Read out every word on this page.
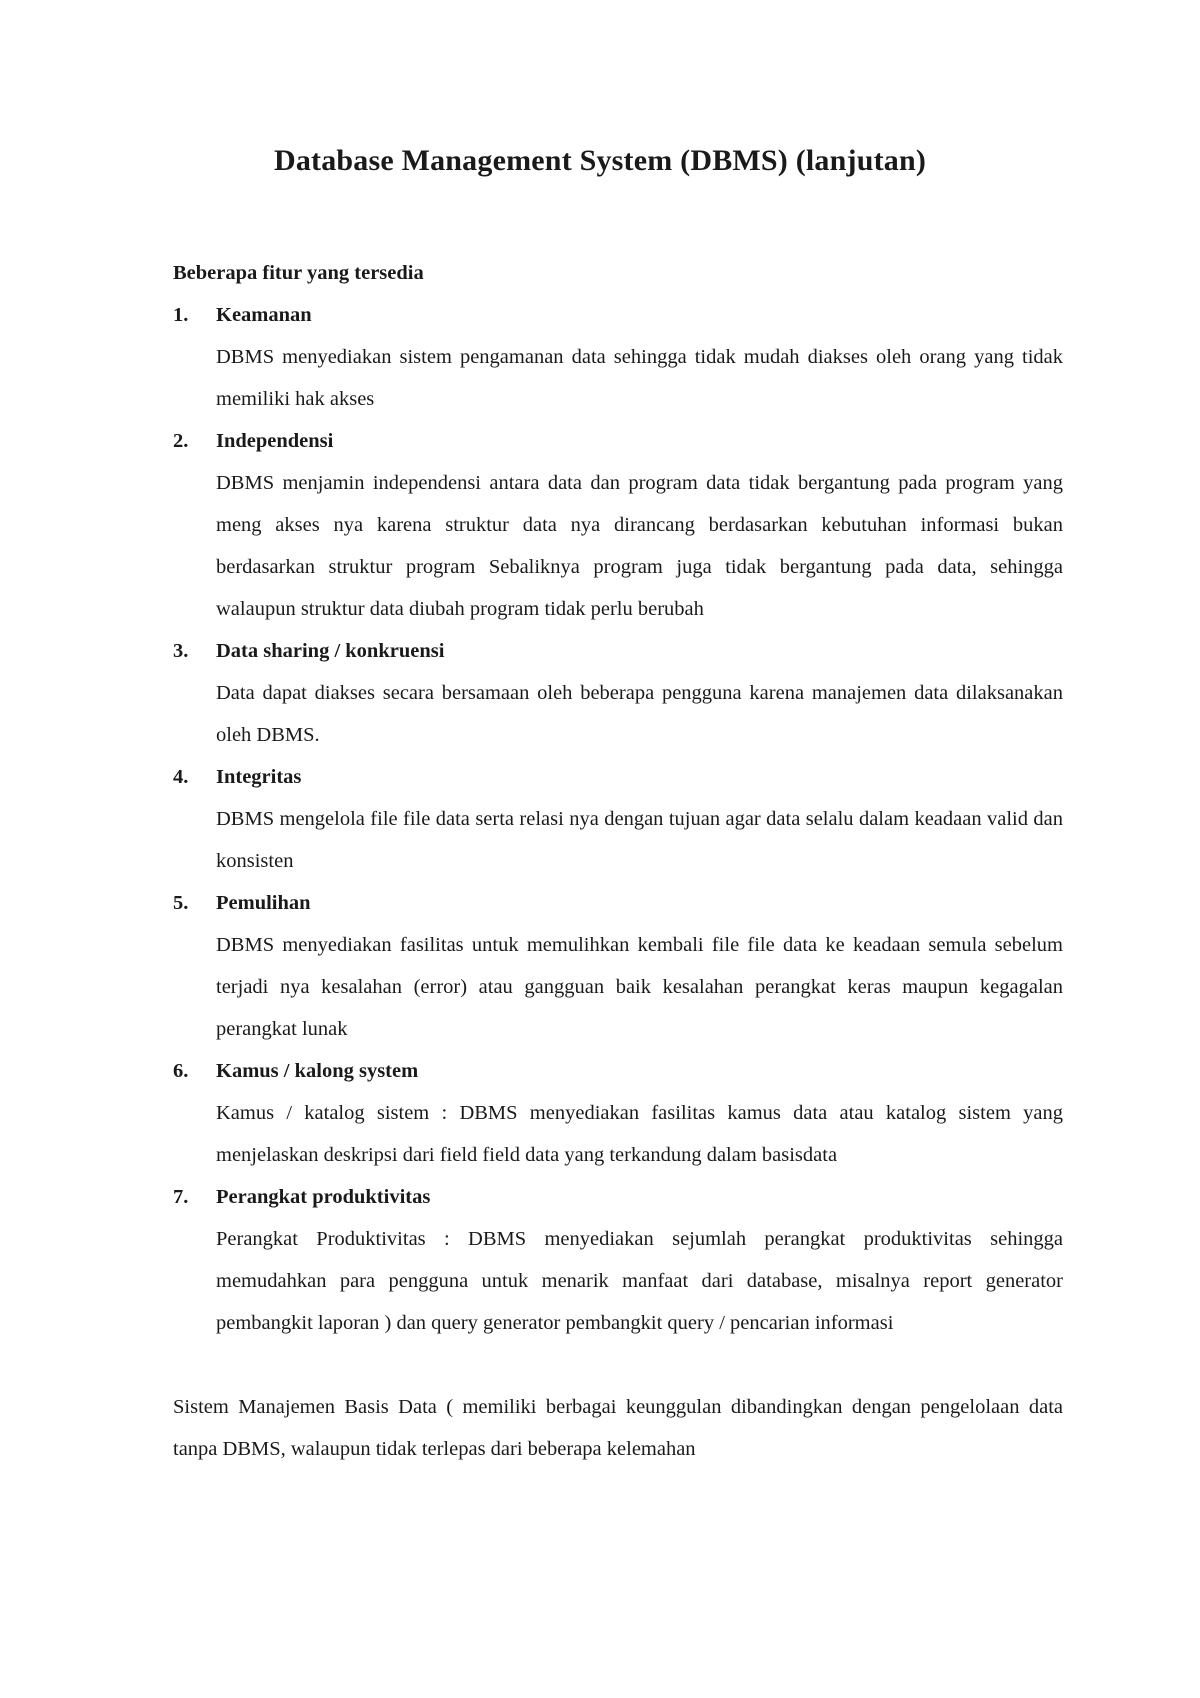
Database Management System (DBMS) (lanjutan)

Beberapa fitur yang tersedia

1. Keamanan
DBMS menyediakan sistem pengamanan data sehingga tidak mudah diakses oleh orang yang tidak memiliki hak akses
2. Independensi
DBMS menjamin independensi antara data dan program data tidak bergantung pada program yang meng akses nya karena struktur data nya dirancang berdasarkan kebutuhan informasi bukan berdasarkan struktur program Sebaliknya program juga tidak bergantung pada data, sehingga walaupun struktur data diubah program tidak perlu berubah
3. Data sharing / konkruensi
Data dapat diakses secara bersamaan oleh beberapa pengguna karena manajemen data dilaksanakan oleh DBMS.
4. Integritas
DBMS mengelola file file data serta relasi nya dengan tujuan agar data selalu dalam keadaan valid dan konsisten
5. Pemulihan
DBMS menyediakan fasilitas untuk memulihkan kembali file file data ke keadaan semula sebelum terjadi nya kesalahan (error) atau gangguan baik kesalahan perangkat keras maupun kegagalan perangkat lunak
6. Kamus / kalong system
Kamus / katalog sistem : DBMS menyediakan fasilitas kamus data atau katalog sistem yang menjelaskan deskripsi dari field field data yang terkandung dalam basisdata
7. Perangkat produktivitas
Perangkat Produktivitas : DBMS menyediakan sejumlah perangkat produktivitas sehingga memudahkan para pengguna untuk menarik manfaat dari database, misalnya report generator pembangkit laporan ) dan query generator pembangkit query / pencarian informasi

Sistem Manajemen Basis Data ( memiliki berbagai keunggulan dibandingkan dengan pengelolaan data tanpa DBMS, walaupun tidak terlepas dari beberapa kelemahan
